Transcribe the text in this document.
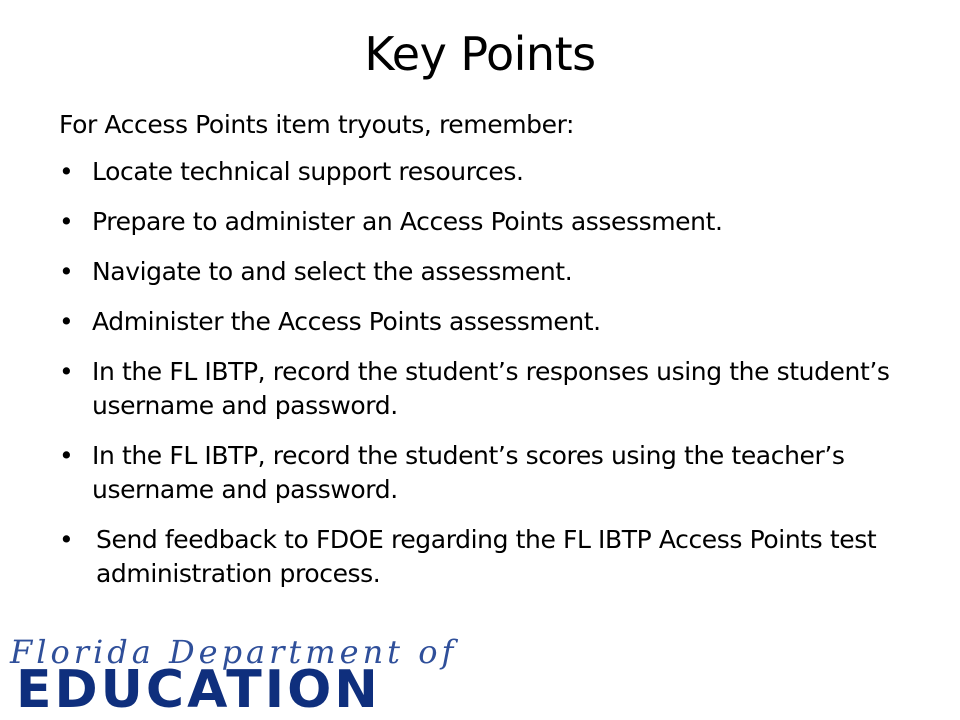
Key Points
For Access Points item tryouts, remember:
• Locate technical support resources.
• Prepare to administer an Access Points assessment.
• Navigate to and select the assessment.
• Administer the Access Points assessment.
• In the FL IBTP, record the student’s responses using the student’s username and password.
• In the FL IBTP, record the student’s scores using the teacher’s username and password.
• Send feedback to FDOE regarding the FL IBTP Access Points test administration process.
Florida Department of
EDUCATION
